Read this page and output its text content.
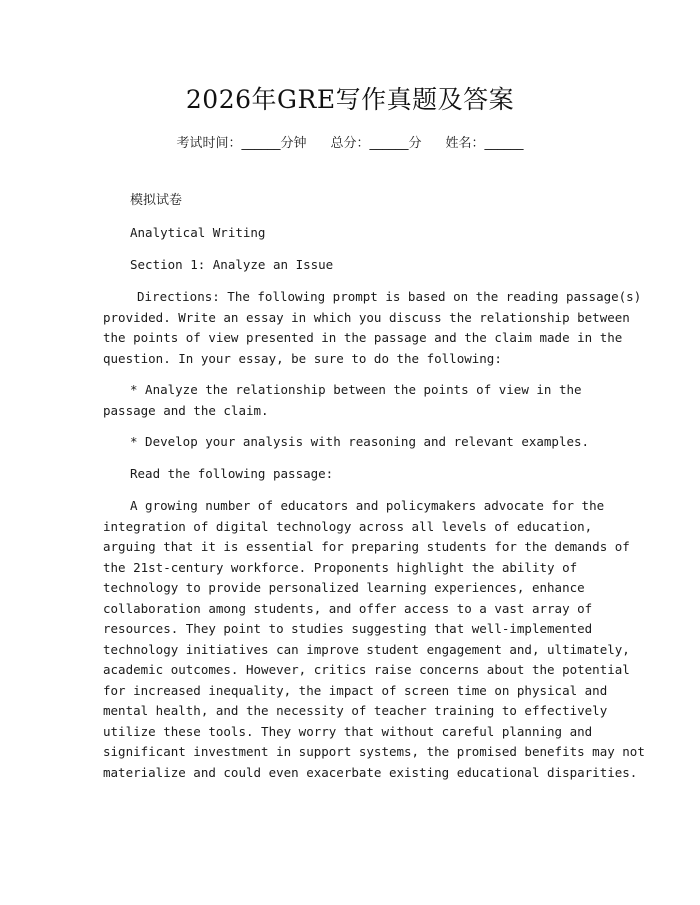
2026年GRE写作真题及答案
考试时间：______分钟 总分：______分 姓名：______
模拟试卷
Analytical Writing
Section 1: Analyze an Issue
Directions: The following prompt is based on the reading passage(s)
provided. Write an essay in which you discuss the relationship between
the points of view presented in the passage and the claim made in the
question. In your essay, be sure to do the following:
* Analyze the relationship between the points of view in the
passage and the claim.
* Develop your analysis with reasoning and relevant examples.
Read the following passage:
A growing number of educators and policymakers advocate for the
integration of digital technology across all levels of education,
arguing that it is essential for preparing students for the demands of
the 21st-century workforce. Proponents highlight the ability of
technology to provide personalized learning experiences, enhance
collaboration among students, and offer access to a vast array of
resources. They point to studies suggesting that well-implemented
technology initiatives can improve student engagement and, ultimately,
academic outcomes. However, critics raise concerns about the potential
for increased inequality, the impact of screen time on physical and
mental health, and the necessity of teacher training to effectively
utilize these tools. They worry that without careful planning and
significant investment in support systems, the promised benefits may not
materialize and could even exacerbate existing educational disparities.
